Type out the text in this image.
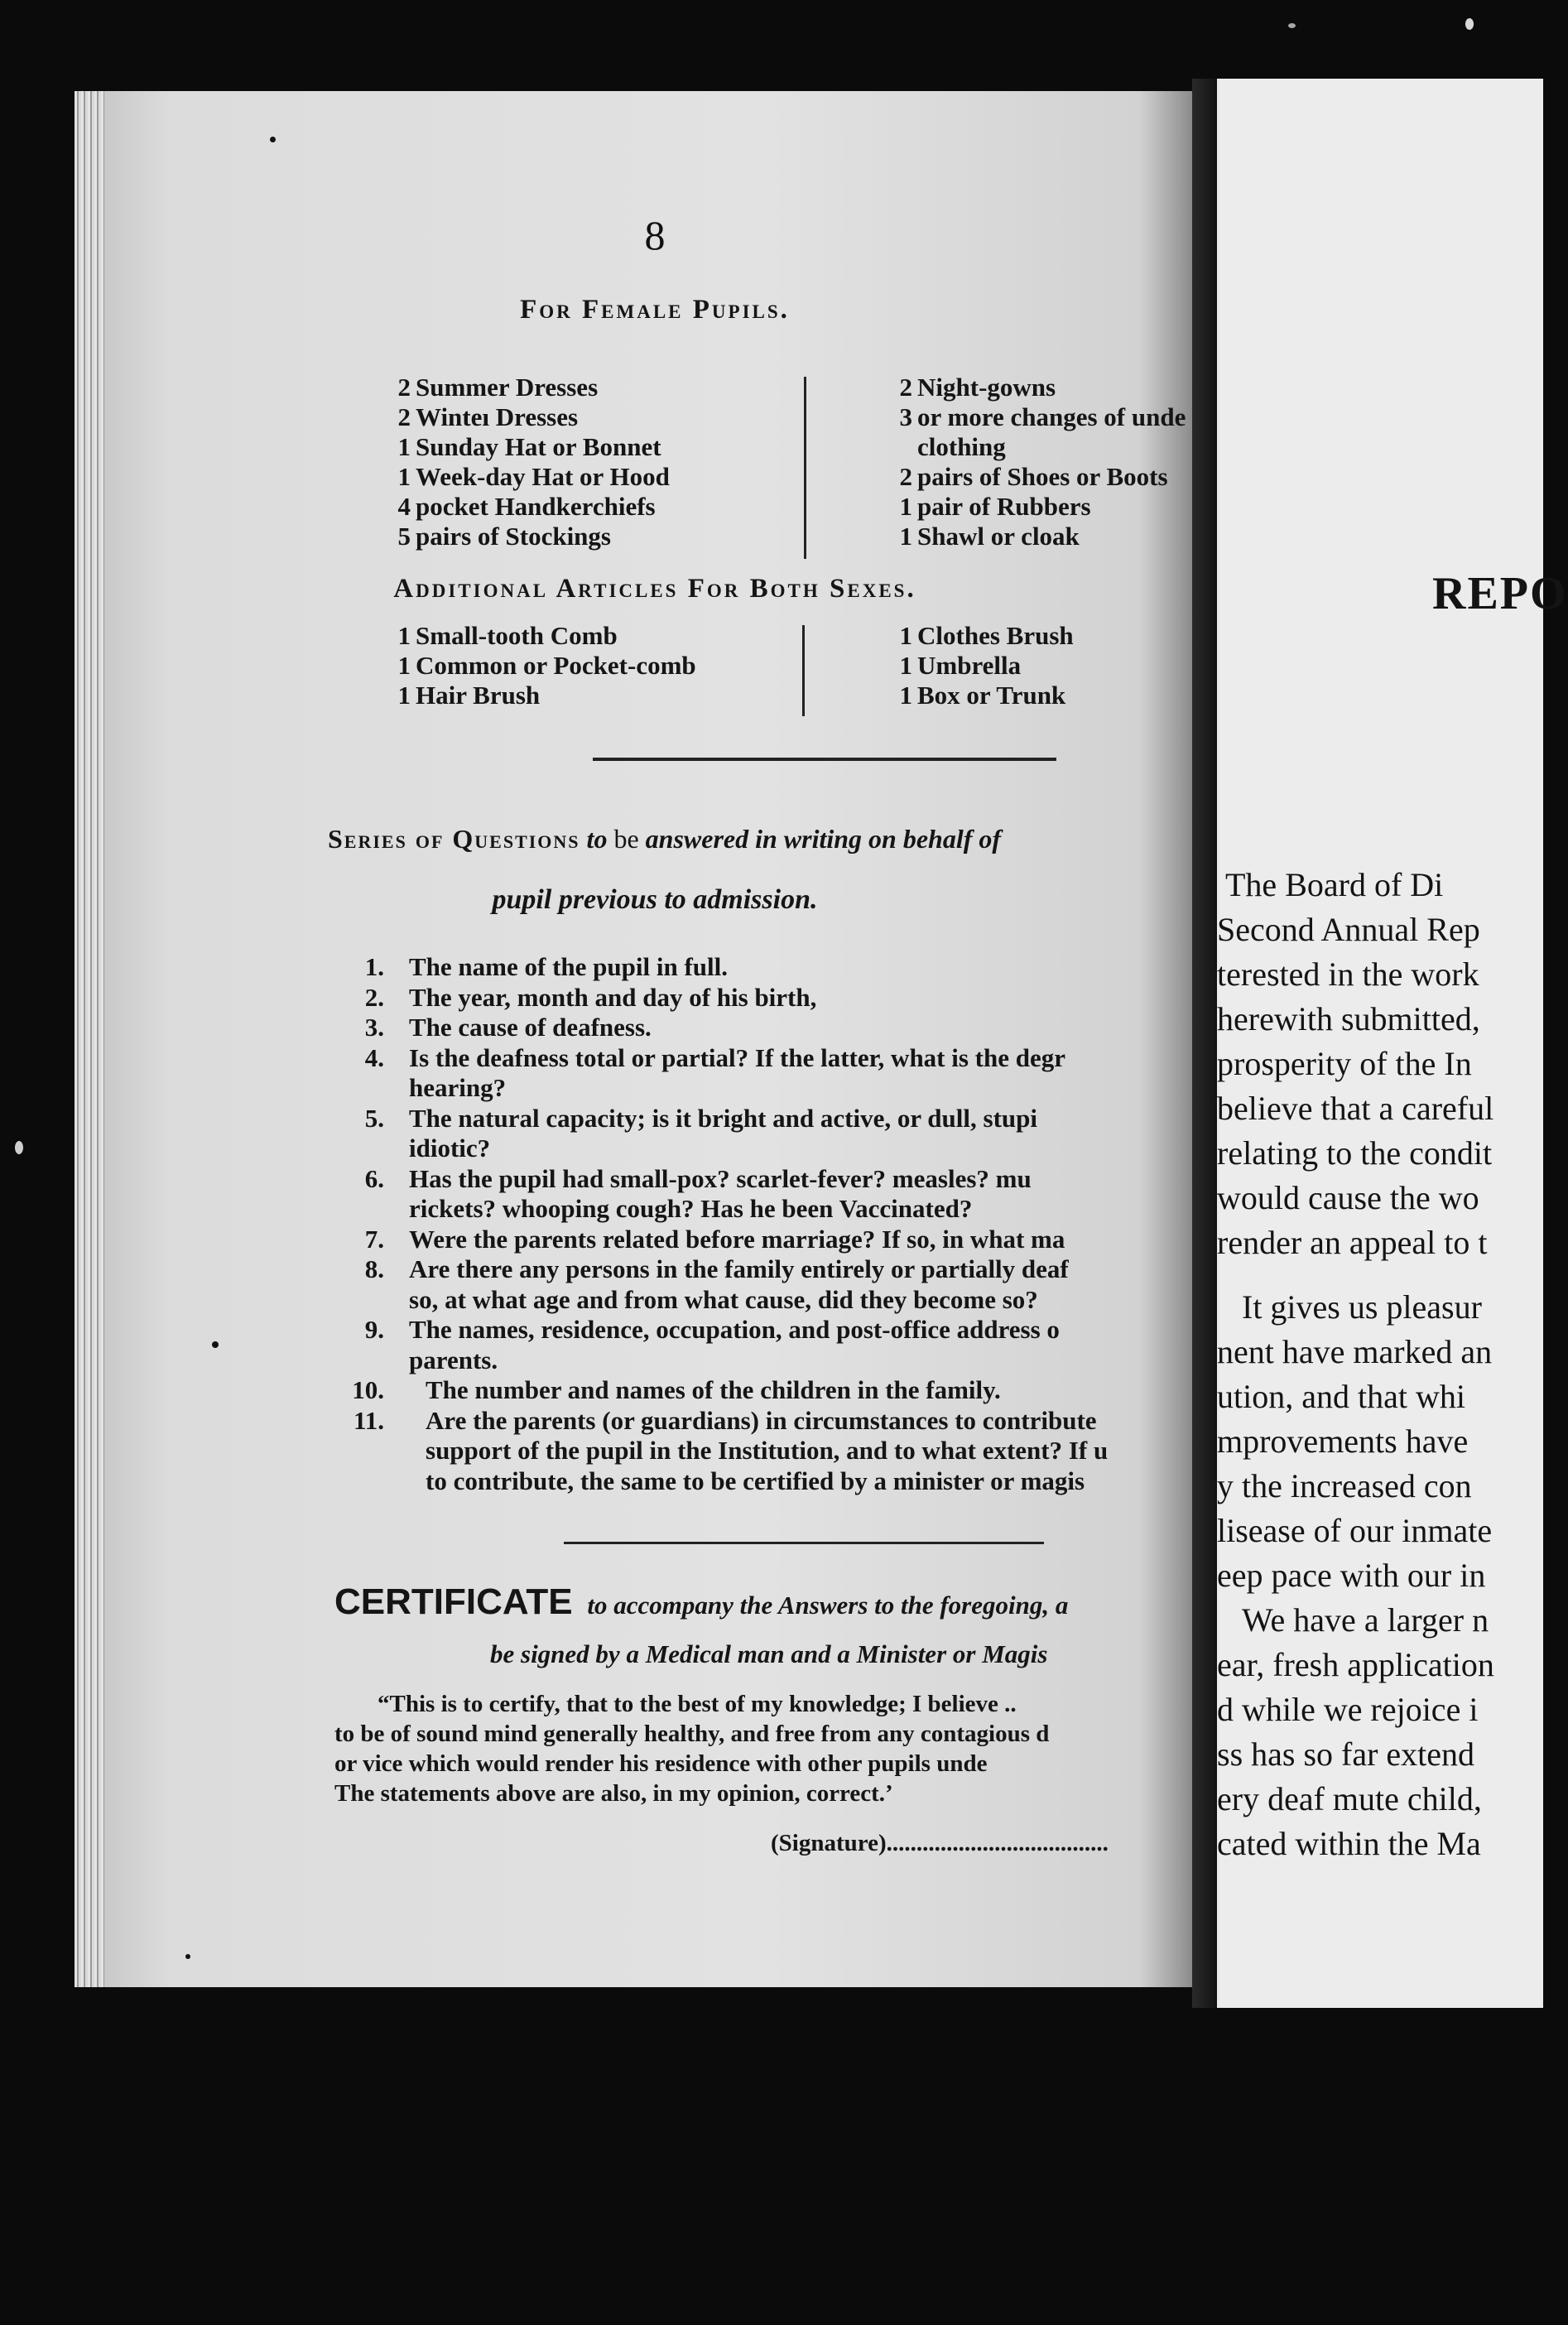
8
For Female Pupils.
2 Summer Dresses
2 Winteı Dresses
1 Sunday Hat or Bonnet
1 Week-day Hat or Hood
4 pocket Handkerchiefs
5 pairs of Stockings
2 Night-gowns
3 or more changes of unde
clothing
2 pairs of Shoes or Boots
1 pair of Rubbers
1 Shawl or cloak
Additional Articles For Both Sexes.
1 Small-tooth Comb
1 Common or Pocket-comb
1 Hair Brush
1 Clothes Brush
1 Umbrella
1 Box or Trunk
Series of Questions to be answered in writing on behalf of
pupil previous to admission.
1. The name of the pupil in full.
2. The year, month and day of his birth,
3. The cause of deafness.
4. Is the deafness total or partial? If the latter, what is the degr
hearing?
5. The natural capacity; is it bright and active, or dull, stupi
idiotic?
6. Has the pupil had small-pox? scarlet-fever? measles? mu
rickets? whooping cough? Has he been Vaccinated?
7. Were the parents related before marriage? If so, in what ma
8. Are there any persons in the family entirely or partially deaf
so, at what age and from what cause, did they become so?
9. The names, residence, occupation, and post-office address o
parents.
10. The number and names of the children in the family.
11. Are the parents (or guardians) in circumstances to contribute
support of the pupil in the Institution, and to what extent? If u
to contribute, the same to be certified by a minister or magis
CERTIFICATE to accompany the Answers to the foregoing, a
be signed by a Medical man and a Minister or Magis
“This is to certify, that to the best of my knowledge; I believe ..
to be of sound mind generally healthy, and free from any contagious d
or vice which would render his residence with other pupils unde
The statements above are also, in my opinion, correct.’
(Signature).....................................
REPO
The Board of Di
Second Annual Rep
terested in the work
herewith submitted,
prosperity of the In
believe that a careful
relating to the condit
would cause the wo
render an appeal to t
It gives us pleasur
nent have marked an
ution, and that whi
mprovements have
y the increased con
lisease of our inmate
eep pace with our in
We have a larger n
ear, fresh application
d while we rejoice i
ss has so far extend
ery deaf mute child,
cated within the Ma
